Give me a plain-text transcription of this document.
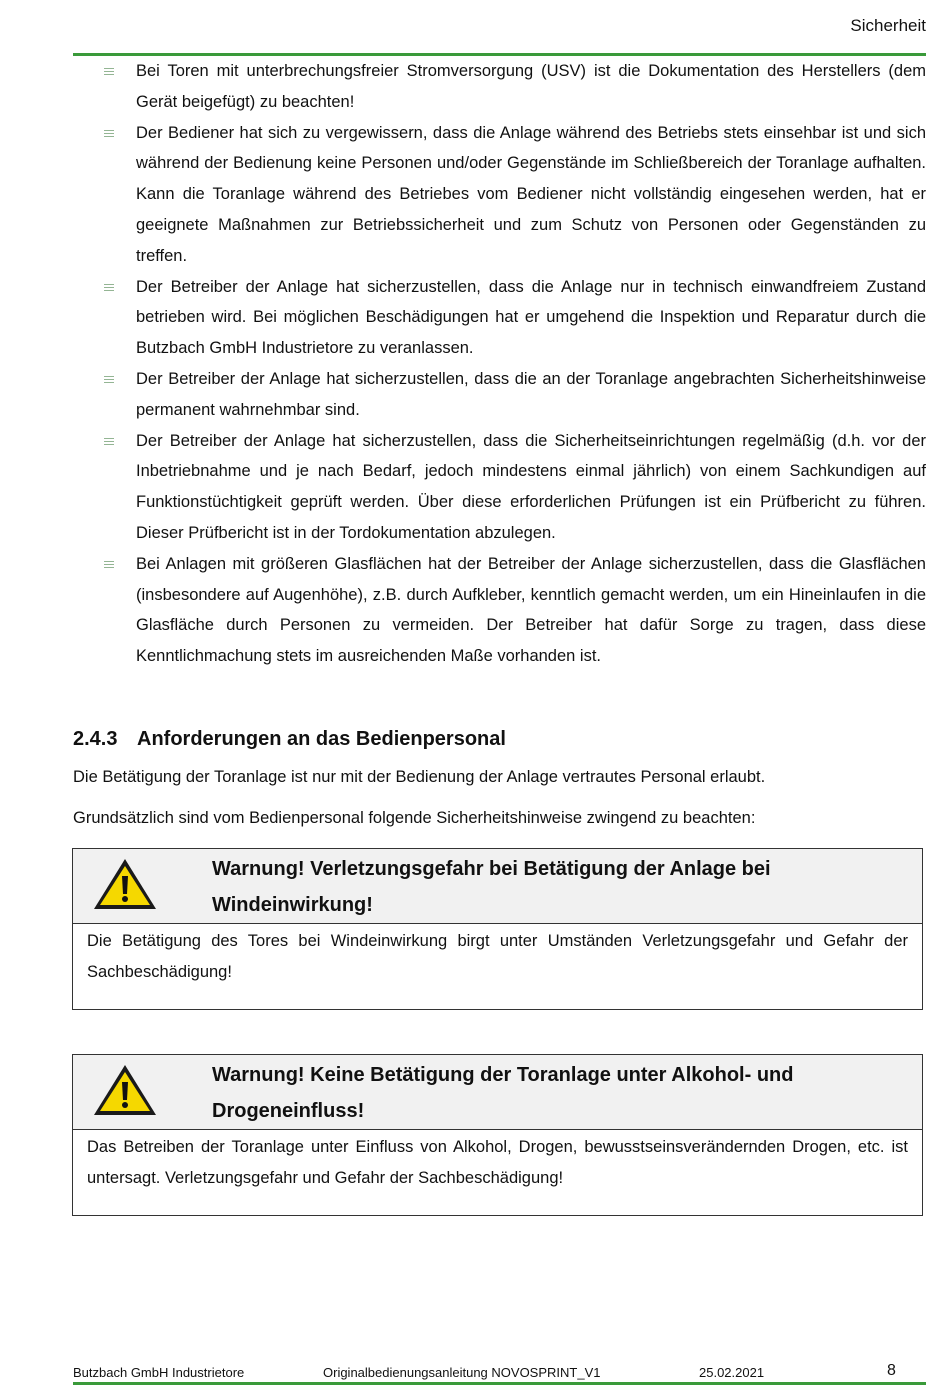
Sicherheit
Bei Toren mit unterbrechungsfreier Stromversorgung (USV) ist die Dokumentation des Herstellers (dem Gerät beigefügt) zu beachten!
Der Bediener hat sich zu vergewissern, dass die Anlage während des Betriebs stets einsehbar ist und sich während der Bedienung keine Personen und/oder Gegenstände im Schließbereich der Toranlage aufhalten. Kann die Toranlage während des Betriebes vom Bediener nicht vollständig eingesehen werden, hat er geeignete Maßnahmen zur Betriebssicherheit und zum Schutz von Personen oder Gegenständen zu treffen.
Der Betreiber der Anlage hat sicherzustellen, dass die Anlage nur in technisch einwandfreiem Zustand betrieben wird. Bei möglichen Beschädigungen hat er umgehend die Inspektion und Reparatur durch die Butzbach GmbH Industrietore zu veranlassen.
Der Betreiber der Anlage hat sicherzustellen, dass die an der Toranlage angebrachten Sicherheitshinweise permanent wahrnehmbar sind.
Der Betreiber der Anlage hat sicherzustellen, dass die Sicherheitseinrichtungen regelmäßig (d.h. vor der Inbetriebnahme und je nach Bedarf, jedoch mindestens einmal jährlich) von einem Sachkundigen auf Funktionstüchtigkeit geprüft werden. Über diese erforderlichen Prüfungen ist ein Prüfbericht zu führen. Dieser Prüfbericht ist in der Tordokumentation abzulegen.
Bei Anlagen mit größeren Glasflächen hat der Betreiber der Anlage sicherzustellen, dass die Glasflächen (insbesondere auf Augenhöhe), z.B. durch Aufkleber, kenntlich gemacht werden, um ein Hineinlaufen in die Glasfläche durch Personen zu vermeiden. Der Betreiber hat dafür Sorge zu tragen, dass diese Kenntlichmachung stets im ausreichenden Maße vorhanden ist.
2.4.3 Anforderungen an das Bedienpersonal
Die Betätigung der Toranlage ist nur mit der Bedienung der Anlage vertrautes Personal erlaubt.
Grundsätzlich sind vom Bedienpersonal folgende Sicherheitshinweise zwingend zu beachten:
Warnung! Verletzungsgefahr bei Betätigung der Anlage bei Windeinwirkung!
Die Betätigung des Tores bei Windeinwirkung birgt unter Umständen Verletzungsgefahr und Gefahr der Sachbeschädigung!
Warnung! Keine Betätigung der Toranlage unter Alkohol- und Drogeneinfluss!
Das Betreiben der Toranlage unter Einfluss von Alkohol, Drogen, bewusstseinsverändernden Drogen, etc. ist untersagt. Verletzungsgefahr und Gefahr der Sachbeschädigung!
Butzbach GmbH Industrietore	Originalbedienungsanleitung NOVOSPRINT_V1	25.02.2021	8
